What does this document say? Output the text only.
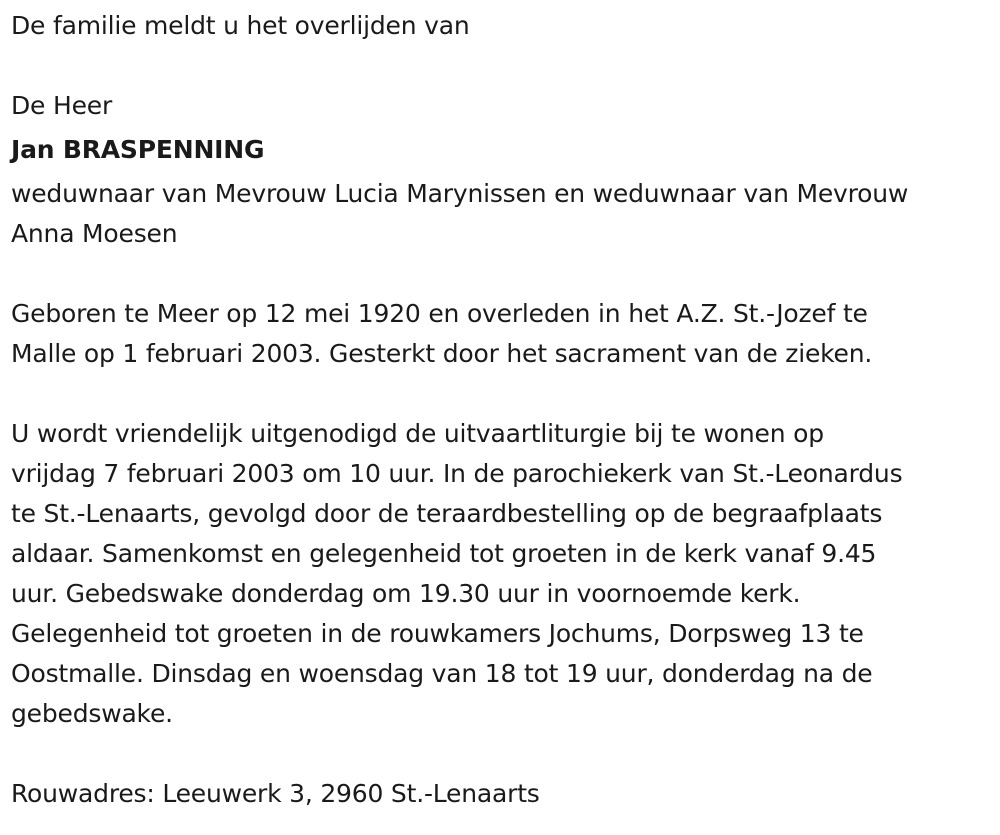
De familie meldt u het overlijden van
De Heer
Jan BRASPENNING
weduwnaar van Mevrouw Lucia Marynissen en weduwnaar van Mevrouw
Anna Moesen
Geboren te Meer op 12 mei 1920 en overleden in het A.Z. St.-Jozef te
Malle op 1 februari 2003. Gesterkt door het sacrament van de zieken.
U wordt vriendelijk uitgenodigd de uitvaartliturgie bij te wonen op
vrijdag 7 februari 2003 om 10 uur. In de parochiekerk van St.-Leonardus
te St.-Lenaarts, gevolgd door de teraardbestelling op de begraafplaats
aldaar. Samenkomst en gelegenheid tot groeten in de kerk vanaf 9.45
uur. Gebedswake donderdag om 19.30 uur in voornoemde kerk.
Gelegenheid tot groeten in de rouwkamers Jochums, Dorpsweg 13 te
Oostmalle. Dinsdag en woensdag van 18 tot 19 uur, donderdag na de
gebedswake.
Rouwadres: Leeuwerk 3, 2960 St.-Lenaarts
